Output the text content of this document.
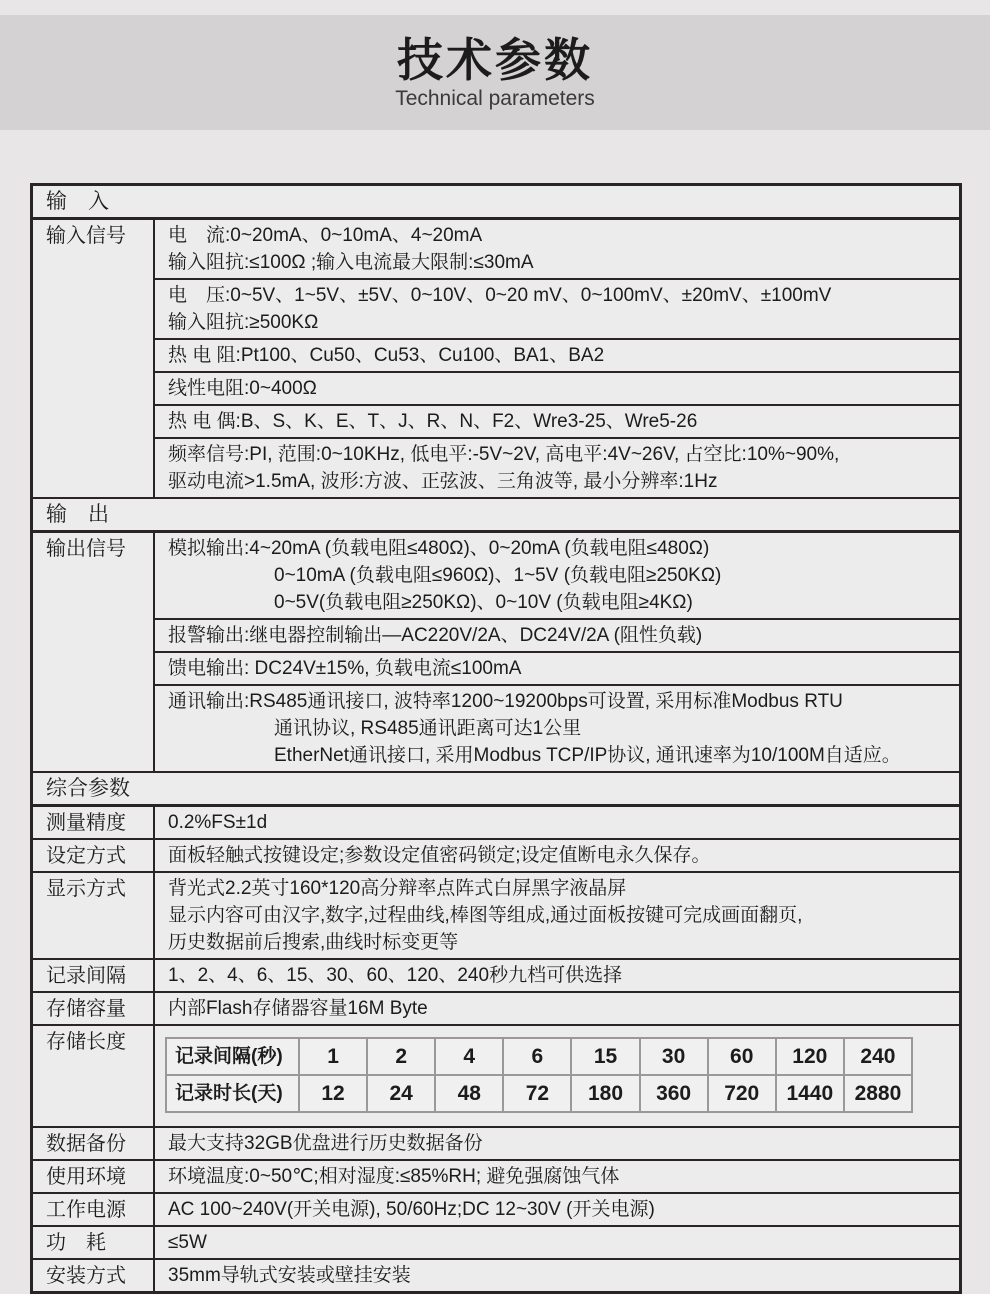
技术参数
Technical parameters
输　入
输入信号	电　流:0~20mA、0~10mA、4~20mA
输入阻抗:≤100Ω ;输入电流最大限制:≤30mA
电　压:0~5V、1~5V、±5V、0~10V、0~20 mV、0~100mV、±20mV、±100mV
输入阻抗:≥500KΩ
热 电 阻:Pt100、Cu50、Cu53、Cu100、BA1、BA2
线性电阻:0~400Ω
热 电 偶:B、S、K、E、T、J、R、N、F2、Wre3-25、Wre5-26
频率信号:PI, 范围:0~10KHz, 低电平:-5V~2V, 高电平:4V~26V, 占空比:10%~90%,
驱动电流>1.5mA, 波形:方波、正弦波、三角波等, 最小分辨率:1Hz
输　出
输出信号	模拟输出:4~20mA (负载电阻≤480Ω)、0~20mA (负载电阻≤480Ω)
0~10mA (负载电阻≤960Ω)、1~5V (负载电阻≥250KΩ)
0~5V(负载电阻≥250KΩ)、0~10V (负载电阻≥4KΩ)
报警输出:继电器控制输出—AC220V/2A、DC24V/2A (阻性负载)
馈电输出: DC24V±15%, 负载电流≤100mA
通讯输出:RS485通讯接口, 波特率1200~19200bps可设置, 采用标准Modbus RTU
通讯协议, RS485通讯距离可达1公里
EtherNet通讯接口, 采用Modbus TCP/IP协议, 通讯速率为10/100M自适应。
综合参数
测量精度	0.2%FS±1d
设定方式	面板轻触式按键设定;参数设定值密码锁定;设定值断电永久保存。
显示方式	背光式2.2英寸160*120高分辩率点阵式白屏黑字液晶屏
显示内容可由汉字,数字,过程曲线,棒图等组成,通过面板按键可完成画面翻页,
历史数据前后搜索,曲线时标变更等
记录间隔	1、2、4、6、15、30、60、120、240秒九档可供选择
存储容量	内部Flash存储器容量16M Byte
存储长度
记录间隔(秒)	1	2	4	6	15	30	60	120	240
记录时长(天)	12	24	48	72	180	360	720	1440	2880
数据备份	最大支持32GB优盘进行历史数据备份
使用环境	环境温度:0~50℃;相对湿度:≤85%RH; 避免强腐蚀气体
工作电源	AC 100~240V(开关电源), 50/60Hz;DC 12~30V (开关电源)
功　耗	≤5W
安装方式	35mm导轨式安装或壁挂安装
